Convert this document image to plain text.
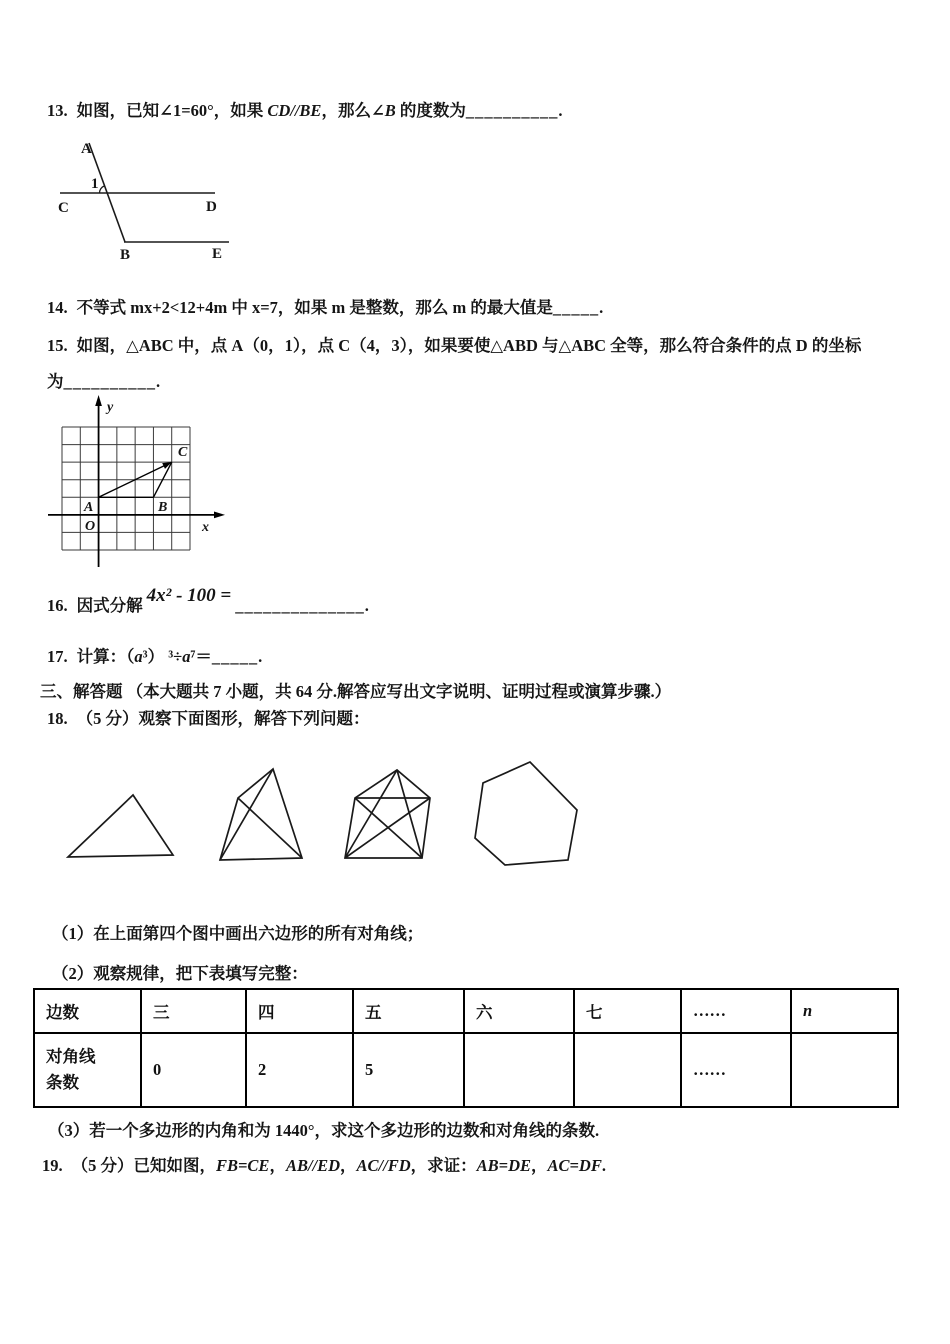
13. 如图，已知∠1=60°，如果 CD//BE，那么∠B 的度数为__________.
A
1
C	D
B	E
14. 不等式 mx+2<12+4m 中 x=7，如果 m 是整数，那么 m 的最大值是_____.
15. 如图，△ABC 中，点 A（0，1），点 C（4，3），如果要使△ABD 与△ABC 全等，那么符合条件的点 D 的坐标
为__________.
y
x
O
A	B
C
16. 因式分解 4x² - 100 = ______________.
17. 计算：（a³） ³÷a⁷＝_____.
三、解答题 （本大题共 7 小题，共 64 分.解答应写出文字说明、证明过程或演算步骤.）
18. （5 分）观察下面图形，解答下列问题：
（1）在上面第四个图中画出六边形的所有对角线；
（2）观察规律，把下表填写完整：
边数	三	四	五	六	七	……	n

对角线
条数	0	2	5			……	
（3）若一个多边形的内角和为 1440°，求这个多边形的边数和对角线的条数.
19. （5 分）已知如图，FB=CE，AB//ED，AC//FD，求证：AB=DE，AC=DF.
